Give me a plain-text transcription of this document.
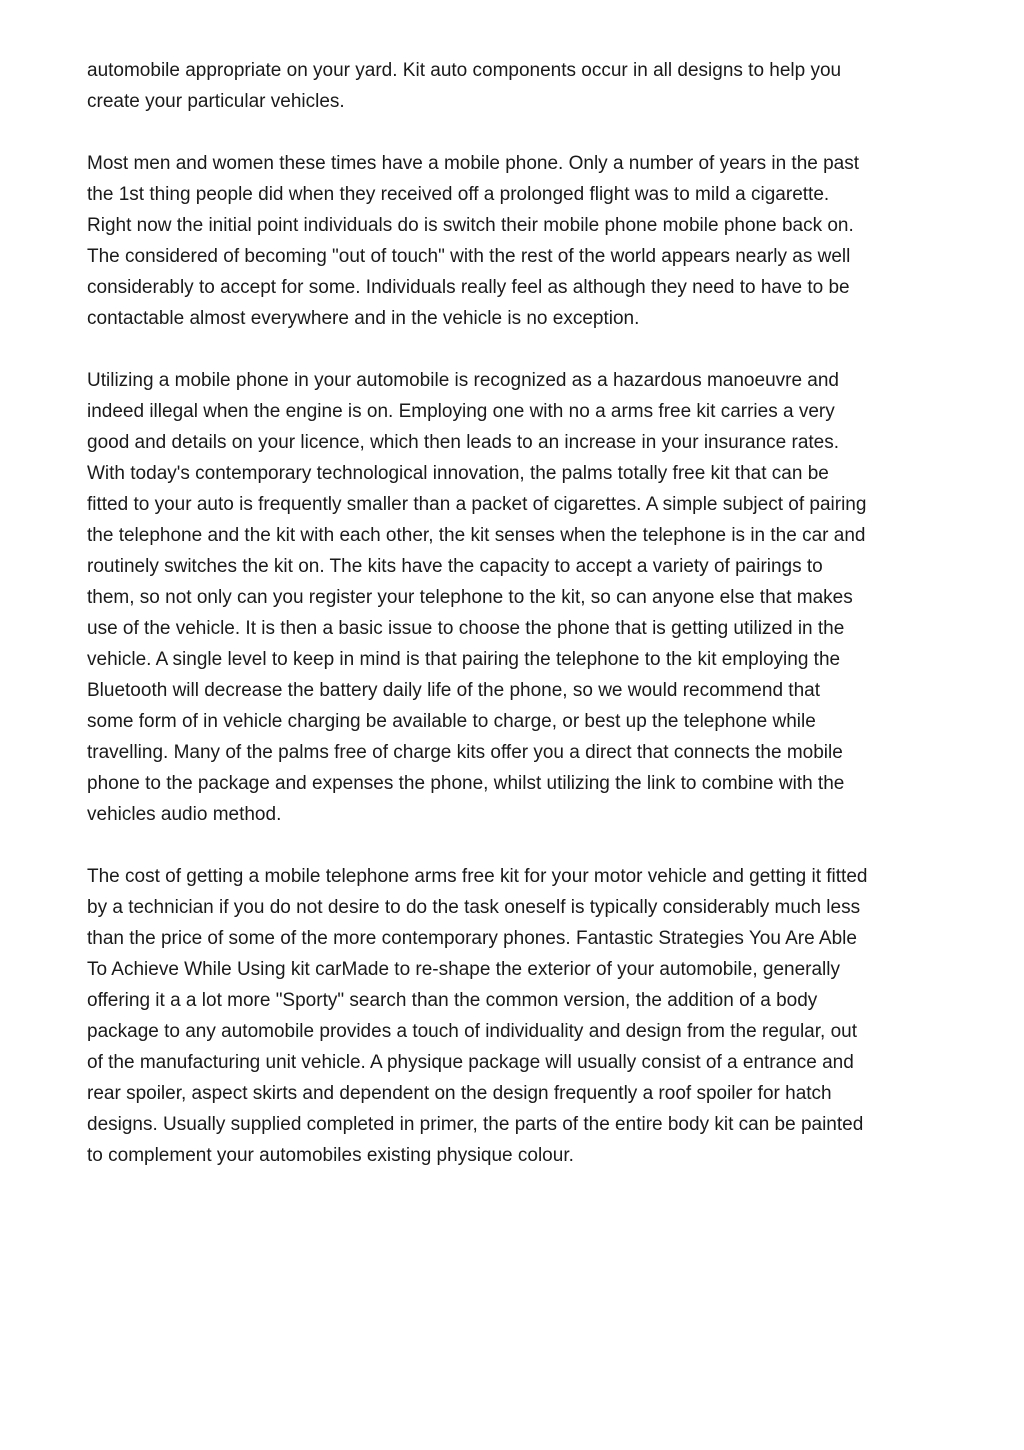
automobile appropriate on your yard. Kit auto components occur in all designs to help you
create your particular vehicles.
Most men and women these times have a mobile phone. Only a number of years in the past
the 1st thing people did when they received off a prolonged flight was to mild a cigarette.
Right now the initial point individuals do is switch their mobile phone mobile phone back on.
The considered of becoming "out of touch" with the rest of the world appears nearly as well
considerably to accept for some. Individuals really feel as although they need to have to be
contactable almost everywhere and in the vehicle is no exception.
Utilizing a mobile phone in your automobile is recognized as a hazardous manoeuvre and
indeed illegal when the engine is on. Employing one with no a arms free kit carries a very
good and details on your licence, which then leads to an increase in your insurance rates.
With today's contemporary technological innovation, the palms totally free kit that can be
fitted to your auto is frequently smaller than a packet of cigarettes. A simple subject of pairing
the telephone and the kit with each other, the kit senses when the telephone is in the car and
routinely switches the kit on. The kits have the capacity to accept a variety of pairings to
them, so not only can you register your telephone to the kit, so can anyone else that makes
use of the vehicle. It is then a basic issue to choose the phone that is getting utilized in the
vehicle. A single level to keep in mind is that pairing the telephone to the kit employing the
Bluetooth will decrease the battery daily life of the phone, so we would recommend that
some form of in vehicle charging be available to charge, or best up the telephone while
travelling. Many of the palms free of charge kits offer you a direct that connects the mobile
phone to the package and expenses the phone, whilst utilizing the link to combine with the
vehicles audio method.
The cost of getting a mobile telephone arms free kit for your motor vehicle and getting it fitted
by a technician if you do not desire to do the task oneself is typically considerably much less
than the price of some of the more contemporary phones. Fantastic Strategies You Are Able
To Achieve While Using kit carMade to re-shape the exterior of your automobile, generally
offering it a a lot more "Sporty" search than the common version, the addition of a body
package to any automobile provides a touch of individuality and design from the regular, out
of the manufacturing unit vehicle. A physique package will usually consist of a entrance and
rear spoiler, aspect skirts and dependent on the design frequently a roof spoiler for hatch
designs. Usually supplied completed in primer, the parts of the entire body kit can be painted
to complement your automobiles existing physique colour.
